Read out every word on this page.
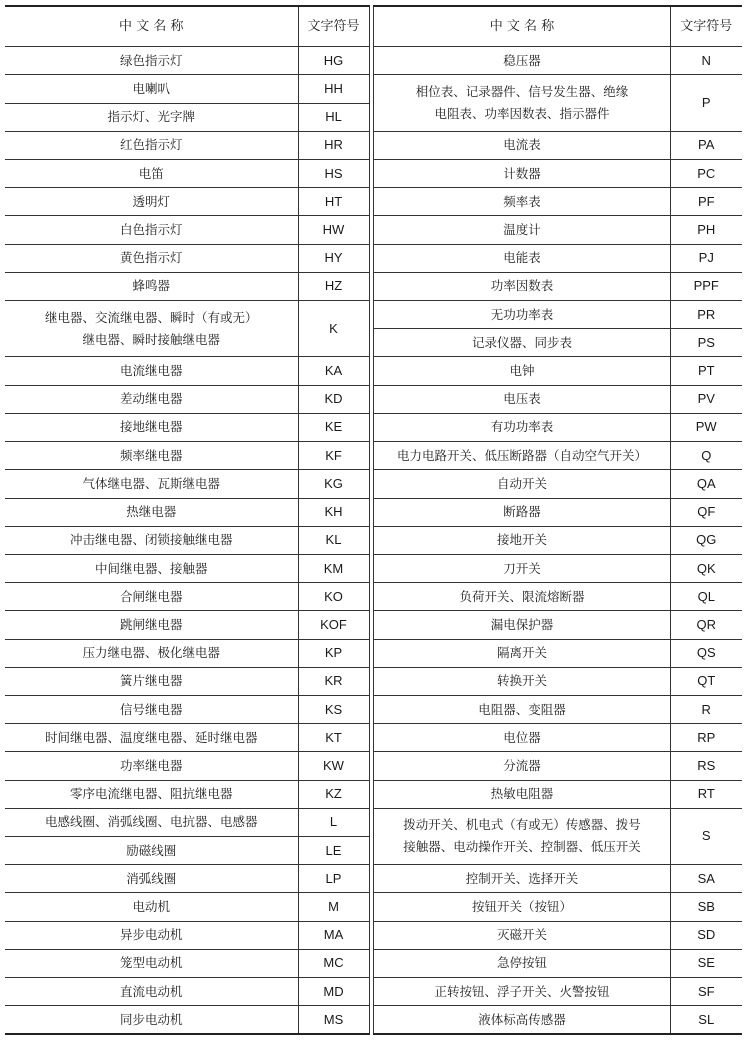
中 文 名 称	文字符号
绿色指示灯	HG
电喇叭	HH
指示灯、光字牌	HL
红色指示灯	HR
电笛	HS
透明灯	HT
白色指示灯	HW
黄色指示灯	HY
蜂鸣器	HZ
继电器、交流继电器、瞬时（有或无）
继电器、瞬时接触继电器	K

电流继电器	KA
差动继电器	KD
接地继电器	KE
频率继电器	KF
气体继电器、瓦斯继电器	KG
热继电器	KH
冲击继电器、闭锁接触继电器	KL
中间继电器、接触器	KM
合闸继电器	KO
跳闸继电器	KOF
压力继电器、极化继电器	KP
簧片继电器	KR
信号继电器	KS
时间继电器、温度继电器、延时继电器	KT
功率继电器	KW
零序电流继电器、阻抗继电器	KZ
电感线圈、消弧线圈、电抗器、电感器	L
励磁线圈	LE
消弧线圈	LP
电动机	M
异步电动机	MA
笼型电动机	MC
直流电动机	MD
同步电动机	MS
中 文 名 称	文字符号
稳压器	N
相位表、记录器件、信号发生器、绝缘
电阻表、功率因数表、指示器件	P

电流表	PA
计数器	PC
频率表	PF
温度计	PH
电能表	PJ
功率因数表	PPF
无功功率表	PR
记录仪器、同步表	PS
电钟	PT
电压表	PV
有功功率表	PW
电力电路开关、低压断路器（自动空气开关）	Q
自动开关	QA
断路器	QF
接地开关	QG
刀开关	QK
负荷开关、限流熔断器	QL
漏电保护器	QR
隔离开关	QS
转换开关	QT
电阻器、变阻器	R
电位器	RP
分流器	RS
热敏电阻器	RT
拨动开关、机电式（有或无）传感器、拨号
接触器、电动操作开关、控制器、低压开关	S

控制开关、选择开关	SA
按钮开关（按钮）	SB
灭磁开关	SD
急停按钮	SE
正转按钮、浮子开关、火警按钮	SF
液体标高传感器	SL
